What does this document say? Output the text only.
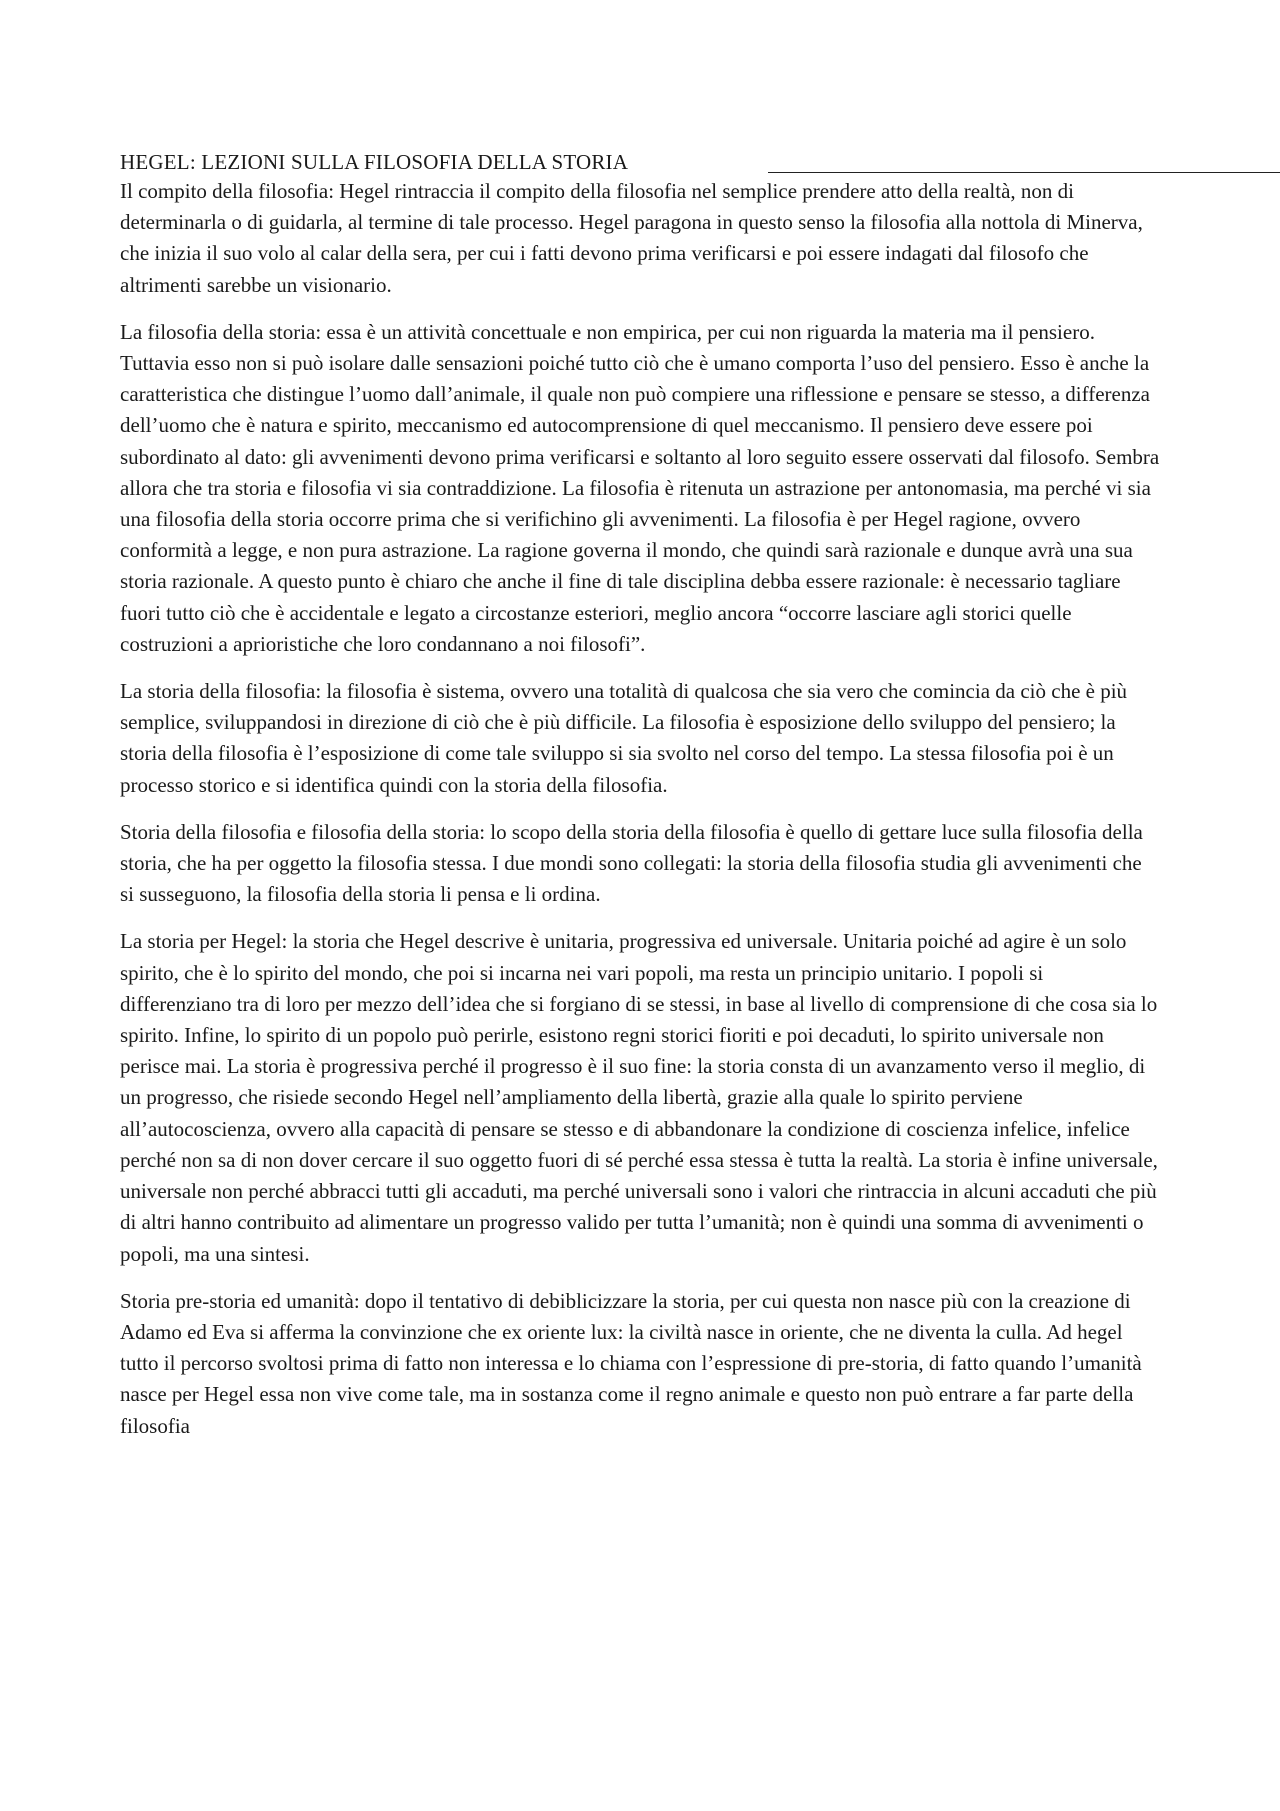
HEGEL: LEZIONI SULLA FILOSOFIA DELLA STORIA

Il compito della filosofia: Hegel rintraccia il compito della filosofia nel semplice prendere atto della realtà, non di determinarla o di guidarla, al termine di tale processo. Hegel paragona in questo senso la filosofia alla nottola di Minerva, che inizia il suo volo al calar della sera, per cui i fatti devono prima verificarsi e poi essere indagati dal filosofo che altrimenti sarebbe un visionario.

La filosofia della storia: essa è un attività concettuale e non empirica, per cui non riguarda la materia ma il pensiero. Tuttavia esso non si può isolare dalle sensazioni poiché tutto ciò che è umano comporta l’uso del pensiero. Esso è anche la caratteristica che distingue l’uomo dall’animale, il quale non può compiere una riflessione e pensare se stesso, a differenza dell’uomo che è natura e spirito, meccanismo ed autocomprensione di quel meccanismo. Il pensiero deve essere poi subordinato al dato: gli avvenimenti devono prima verificarsi e soltanto al loro seguito essere osservati dal filosofo. Sembra allora che tra storia e filosofia vi sia contraddizione. La filosofia è ritenuta un astrazione per antonomasia, ma perché vi sia una filosofia della storia occorre prima che si verifichino gli avvenimenti. La filosofia è per Hegel ragione, ovvero conformità a legge, e non pura astrazione. La ragione governa il mondo, che quindi sarà razionale e dunque avrà una sua storia razionale. A questo punto è chiaro che anche il fine di tale disciplina debba essere razionale: è necessario tagliare fuori tutto ciò che è accidentale e legato a circostanze esteriori, meglio ancora “occorre lasciare agli storici quelle costruzioni a aprioristiche che loro condannano a noi filosofi”.

La storia della filosofia: la filosofia è sistema, ovvero una totalità di qualcosa che sia vero che comincia da ciò che è più semplice, sviluppandosi in direzione di ciò che è più difficile. La filosofia è esposizione dello sviluppo del pensiero; la storia della filosofia è l’esposizione di come tale sviluppo si sia svolto nel corso del tempo. La stessa filosofia poi è un processo storico e si identifica quindi con la storia della filosofia.

Storia della filosofia e filosofia della storia: lo scopo della storia della filosofia è quello di gettare luce sulla filosofia della storia, che ha per oggetto la filosofia stessa. I due mondi sono collegati: la storia della filosofia studia gli avvenimenti che si susseguono, la filosofia della storia li pensa e li ordina.

La storia per Hegel: la storia che Hegel descrive è unitaria, progressiva ed universale. Unitaria poiché ad agire è un solo spirito, che è lo spirito del mondo, che poi si incarna nei vari popoli, ma resta un principio unitario. I popoli si differenziano tra di loro per mezzo dell’idea che si forgiano di se stessi, in base al livello di comprensione di che cosa sia lo spirito. Infine, lo spirito di un popolo può perirle, esistono regni storici fioriti e poi decaduti, lo spirito universale non perisce mai. La storia è progressiva perché il progresso è il suo fine: la storia consta di un avanzamento verso il meglio, di un progresso, che risiede secondo Hegel nell’ampliamento della libertà, grazie alla quale lo spirito perviene all’autocoscienza, ovvero alla capacità di pensare se stesso e di abbandonare la condizione di coscienza infelice, infelice perché non sa di non dover cercare il suo oggetto fuori di sé perché essa stessa è tutta la realtà. La storia è infine universale, universale non perché abbracci tutti gli accaduti, ma perché universali sono i valori che rintraccia in alcuni accaduti che più di altri hanno contribuito ad alimentare un progresso valido per tutta l’umanità; non è quindi una somma di avvenimenti o popoli, ma una sintesi.

Storia pre-storia ed umanità: dopo il tentativo di debiblicizzare la storia, per cui questa non nasce più con la creazione di Adamo ed Eva si afferma la convinzione che ex oriente lux: la civiltà nasce in oriente, che ne diventa la culla. Ad hegel tutto il percorso svoltosi prima di fatto non interessa e lo chiama con l’espressione di pre-storia, di fatto quando l’umanità nasce per Hegel essa non vive come tale, ma in sostanza come il regno animale e questo non può entrare a far parte della filosofia
